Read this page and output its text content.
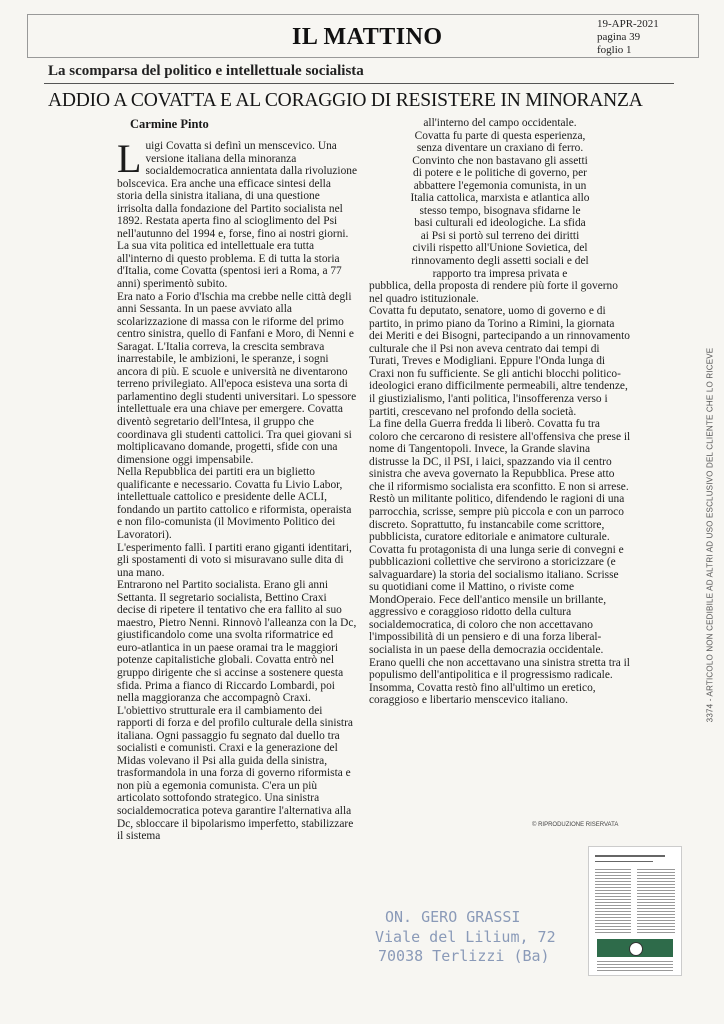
IL MATTINO	19-APR-2021
pagina 39
foglio 1
La scomparsa del politico e intellettuale socialista
ADDIO A COVATTA E AL CORAGGIO DI RESISTERE IN MINORANZA
Carmine Pinto

Luigi Covatta si definì un menscevico. Una versione italiana della minoranza socialdemocratica annientata dalla rivoluzione bolscevica. Era anche una efficace sintesi della storia della sinistra italiana, di una questione irrisolta dalla fondazione del Partito socialista nel 1892. Restata aperta fino al scioglimento del Psi nell'autunno del 1994 e, forse, fino ai nostri giorni. La sua vita politica ed intellettuale era tutta all'interno di questo problema. E di tutta la storia d'Italia, come Covatta (spentosi ieri a Roma, a 77 anni) sperimentò subito.

Era nato a Forio d'Ischia ma crebbe nelle città degli anni Sessanta. In un paese avviato alla scolarizzazione di massa con le riforme del primo centro sinistra, quello di Fanfani e Moro, di Nenni e Saragat. L'Italia correva, la crescita sembrava inarrestabile, le ambizioni, le speranze, i sogni ancora di più. E scuole e università ne diventarono terreno privilegiato. All'epoca esisteva una sorta di parlamentino degli studenti universitari. Lo spessore intellettuale era una chiave per emergere. Covatta diventò segretario dell'Intesa, il gruppo che coordinava gli studenti cattolici. Tra quei giovani si moltiplicavano domande, progetti, sfide con una dimensione oggi impensabile.

Nella Repubblica dei partiti era un biglietto qualificante e necessario. Covatta fu Livio Labor, intellettuale cattolico e presidente delle ACLI, fondando un partito cattolico e riformista, operaista e non filo-comunista (il Movimento Politico dei Lavoratori).

L'esperimento fallì. I partiti erano giganti identitari, gli spostamenti di voto si misuravano sulle dita di una mano.

Entrarono nel Partito socialista. Erano gli anni Settanta. Il segretario socialista, Bettino Craxi decise di ripetere il tentativo che era fallito al suo maestro, Pietro Nenni. Rinnovò l'alleanza con la Dc, giustificandolo come una svolta riformatrice ed euro-atlantica in un paese oramai tra le maggiori potenze capitalistiche globali. Covatta entrò nel gruppo dirigente che si accinse a sostenere questa sfida. Prima a fianco di Riccardo Lombardi, poi nella maggioranza che accompagnò Craxi.

L'obiettivo strutturale era il cambiamento dei rapporti di forza e del profilo culturale della sinistra italiana. Ogni passaggio fu segnato dal duello tra socialisti e comunisti. Craxi e la generazione del Midas volevano il Psi alla guida della sinistra, trasformandola in una forza di governo riformista e non più a egemonia comunista. C'era un più articolato sottofondo strategico. Una sinistra socialdemocratica poteva garantire l'alternativa alla Dc, sbloccare il bipolarismo imperfetto, stabilizzare il sistema

all'interno del campo occidentale.

Covatta fu parte di questa esperienza, senza diventare un craxiano di ferro. Convinto che non bastavano gli assetti di potere e le politiche di governo, per abbattere l'egemonia comunista, in un Italia cattolica, marxista e atlantica allo stesso tempo, bisognava sfidarne le basi culturali ed ideologiche. La sfida ai Psi si portò sul terreno dei diritti civili rispetto all'Unione Sovietica, del rinnovamento degli assetti sociali e del rapporto tra impresa privata e

pubblica, della proposta di rendere più forte il governo nel quadro istituzionale.

Covatta fu deputato, senatore, uomo di governo e di partito, in primo piano da Torino a Rimini, la giornata dei Meriti e dei Bisogni, partecipando a un rinnovamento culturale che il Psi non aveva centrato dai tempi di Turati, Treves e Modigliani. Eppure l'Onda lunga di Craxi non fu sufficiente. Se gli antichi blocchi politico-ideologici erano difficilmente permeabili, altre tendenze, il giustizialismo, l'anti politica, l'insofferenza verso i partiti, crescevano nel profondo della società.

La fine della Guerra fredda li liberò. Covatta fu tra coloro che cercarono di resistere all'offensiva che prese il nome di Tangentopoli. Invece, la Grande slavina distrusse la DC, il PSI, i laici, spazzando via il centro sinistra che aveva governato la Repubblica. Prese atto che il riformismo socialista era sconfitto. E non si arrese. Restò un militante politico, difendendo le ragioni di una parrocchia, scrisse, sempre più piccola e con un parroco discreto. Soprattutto, fu instancabile come scrittore, pubblicista, curatore editoriale e animatore culturale.

Covatta fu protagonista di una lunga serie di convegni e pubblicazioni collettive che servirono a storicizzare (e salvaguardare) la storia del socialismo italiano. Scrisse su quotidiani come il Mattino, o riviste come MondOperaio. Fece dell'antico mensile un brillante, aggressivo e coraggioso ridotto della cultura socialdemocratica, di coloro che non accettavano l'impossibilità di un pensiero e di una forza liberal-socialista in un paese della democrazia occidentale. Erano quelli che non accettavano una sinistra stretta tra il populismo dell'antipolitica e il progressismo radicale. Insomma, Covatta restò fino all'ultimo un eretico, coraggioso e libertario menscevico italiano.

© RIPRODUZIONE RISERVATA
3374 - ARTICOLO NON CEDIBILE AD ALTRI AD USO ESCLUSIVO DEL CLIENTE CHE LO RICEVE
ON. GERO GRASSI
Viale del Lilium, 72
70038 Terlizzi (Ba)
